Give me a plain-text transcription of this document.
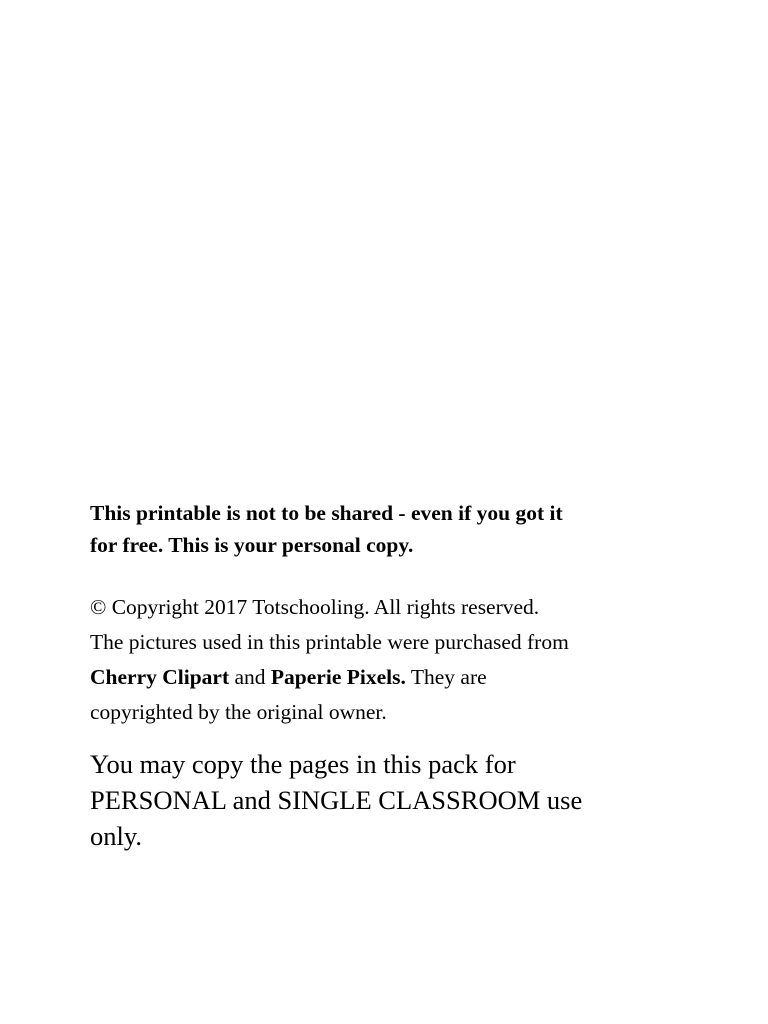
This printable is not to be shared - even if you got it
for free. This is your personal copy.

© Copyright 2017 Totschooling. All rights reserved.
The pictures used in this printable were purchased from
Cherry Clipart and Paperie Pixels. They are
copyrighted by the original owner.

You may copy the pages in this pack for
PERSONAL and SINGLE CLASSROOM use
only.
